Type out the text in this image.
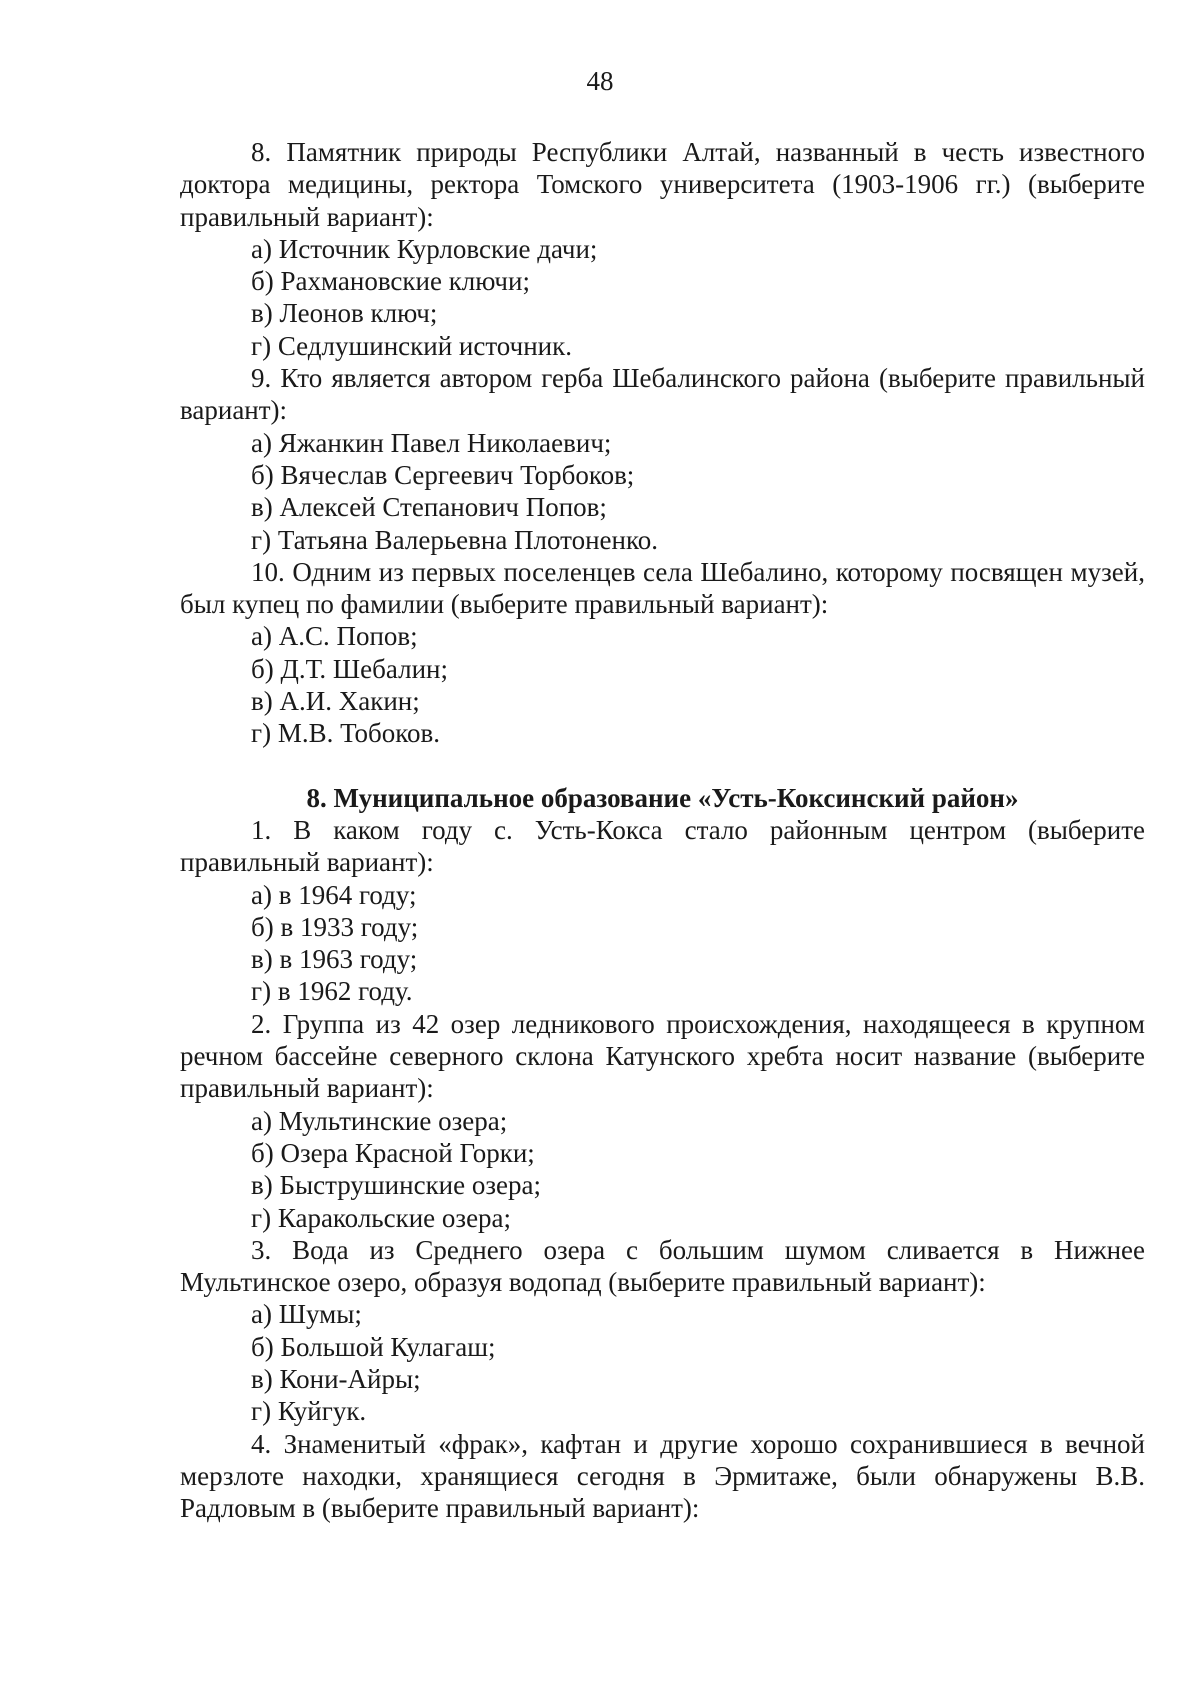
48

8. Памятник природы Республики Алтай, названный в честь известного доктора медицины, ректора Томского университета (1903-1906 гг.) (выберите правильный вариант):

а) Источник Курловские дачи;

б) Рахмановские ключи;

в) Леонов ключ;

г) Седлушинский источник.

9. Кто является автором герба Шебалинского района (выберите правильный вариант):

а) Яжанкин Павел Николаевич;

б) Вячеслав Сергеевич Торбоков;

в) Алексей Степанович Попов;

г) Татьяна Валерьевна Плотоненко.

10. Одним из первых поселенцев села Шебалино, которому посвящен музей, был купец по фамилии (выберите правильный вариант):

а) А.С. Попов;

б) Д.Т. Шебалин;

в) А.И. Хакин;

г) М.В. Тобоков.

8. Муниципальное образование «Усть-Коксинский район»

1. В каком году с. Усть-Кокса стало районным центром (выберите правильный вариант):

а) в 1964 году;

б) в 1933 году;

в) в 1963 году;

г) в 1962 году.

2. Группа из 42 озер ледникового происхождения, находящееся в крупном речном бассейне северного склона Катунского хребта носит название (выберите правильный вариант):

а) Мультинские озера;

б) Озера Красной Горки;

в) Быструшинские озера;

г) Каракольские озера;

3. Вода из Среднего озера с большим шумом сливается в Нижнее Мультинское озеро, образуя водопад (выберите правильный вариант):

а) Шумы;

б) Большой Кулагаш;

в) Кони-Айры;

г) Куйгук.

4. Знаменитый «фрак», кафтан и другие хорошо сохранившиеся в вечной мерзлоте находки, хранящиеся сегодня в Эрмитаже, были обнаружены В.В. Радловым в (выберите правильный вариант):
